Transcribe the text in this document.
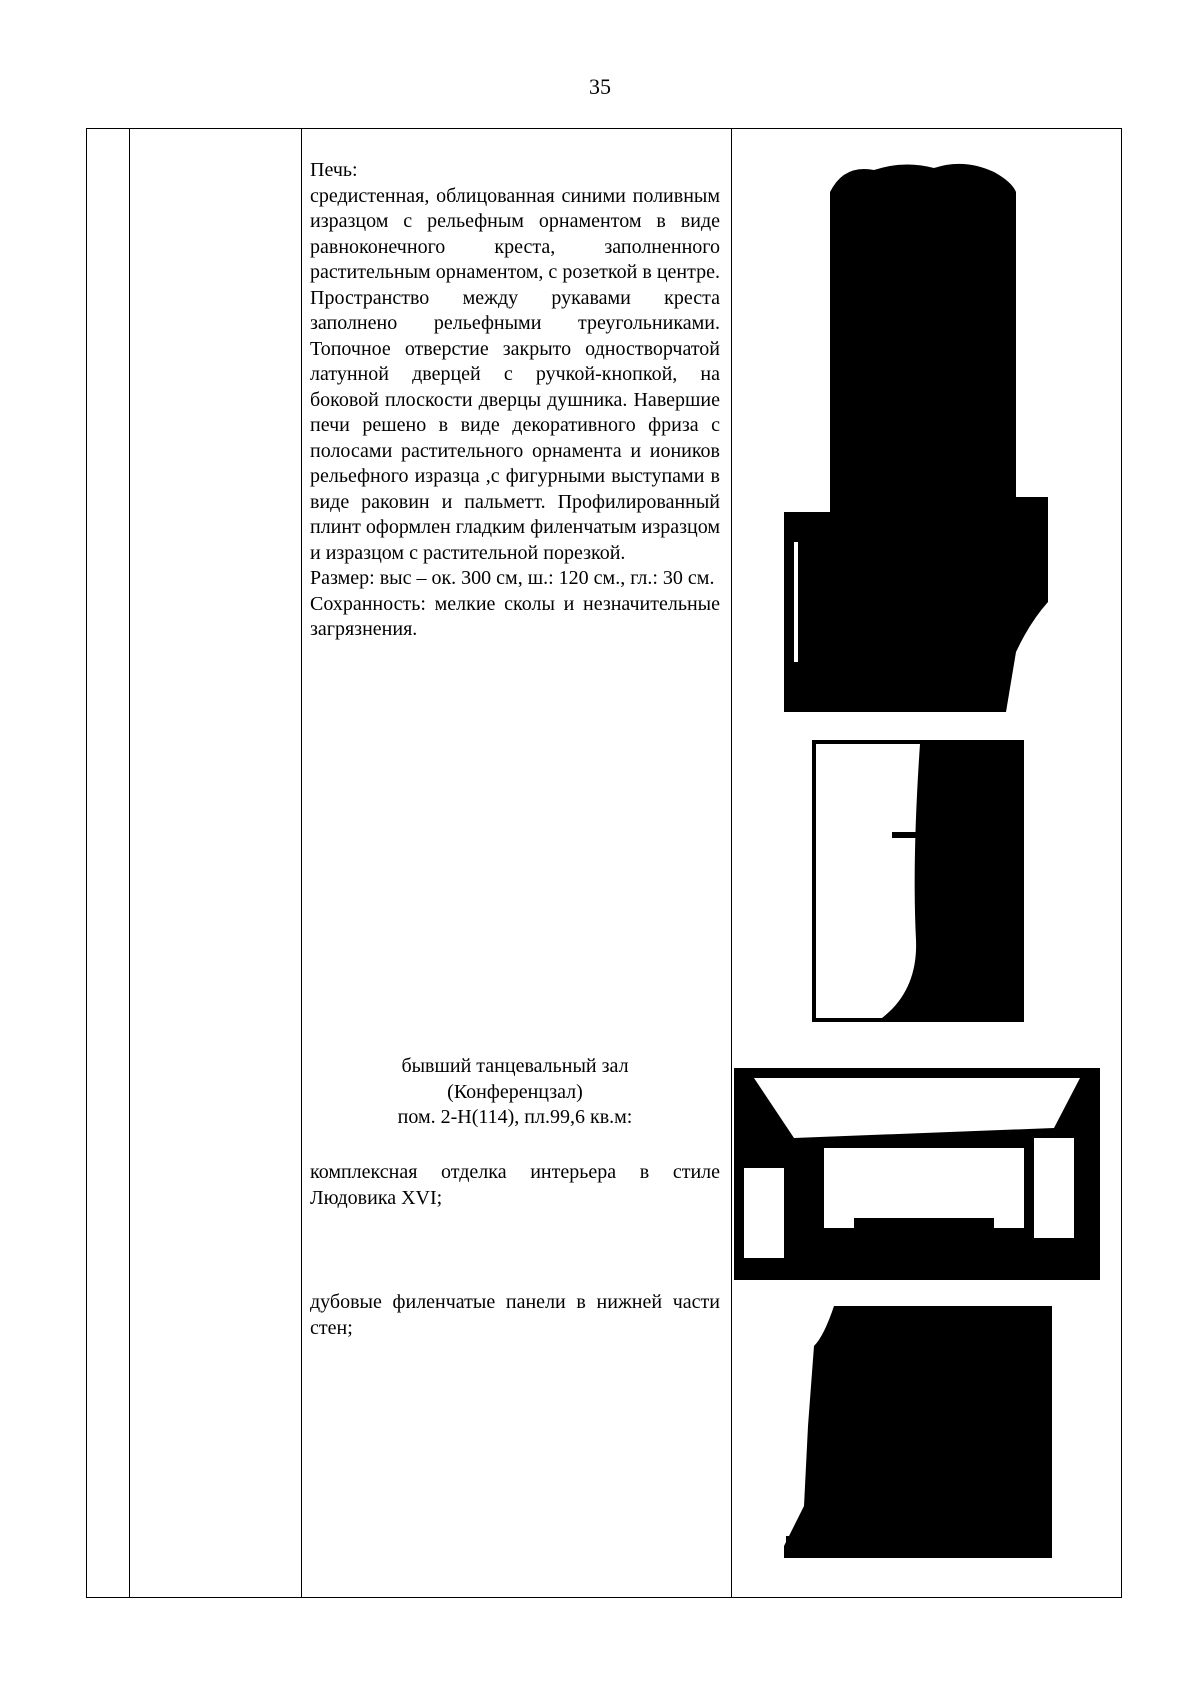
35

Печь:

средистенная, облицованная синими поливным изразцом с рельефным орнаментом в виде равноконечного креста, заполненного растительным орнаментом, с розеткой в центре. Пространство между рукавами креста заполнено рельефными треугольниками. Топочное отверстие закрыто одностворчатой латунной дверцей с ручкой-кнопкой, на боковой плоскости дверцы душника. Навершие печи решено в виде декоративного фриза с полосами растительного орнамента и иоников рельефного изразца ,с фигурными выступами в виде раковин и пальметт. Профилированный плинт оформлен гладким филенчатым изразцом и изразцом с растительной порезкой.

Размер: выс – ок. 300 см, ш.: 120 см., гл.: 30 см.

Сохранность: мелкие сколы и незначительные загрязнения.

бывший танцевальный зал
(Конференцзал)
пом. 2-Н(114), пл.99,6 кв.м:

комплексная отделка интерьера в стиле Людовика XVI;

дубовые филенчатые панели в нижней части стен;
